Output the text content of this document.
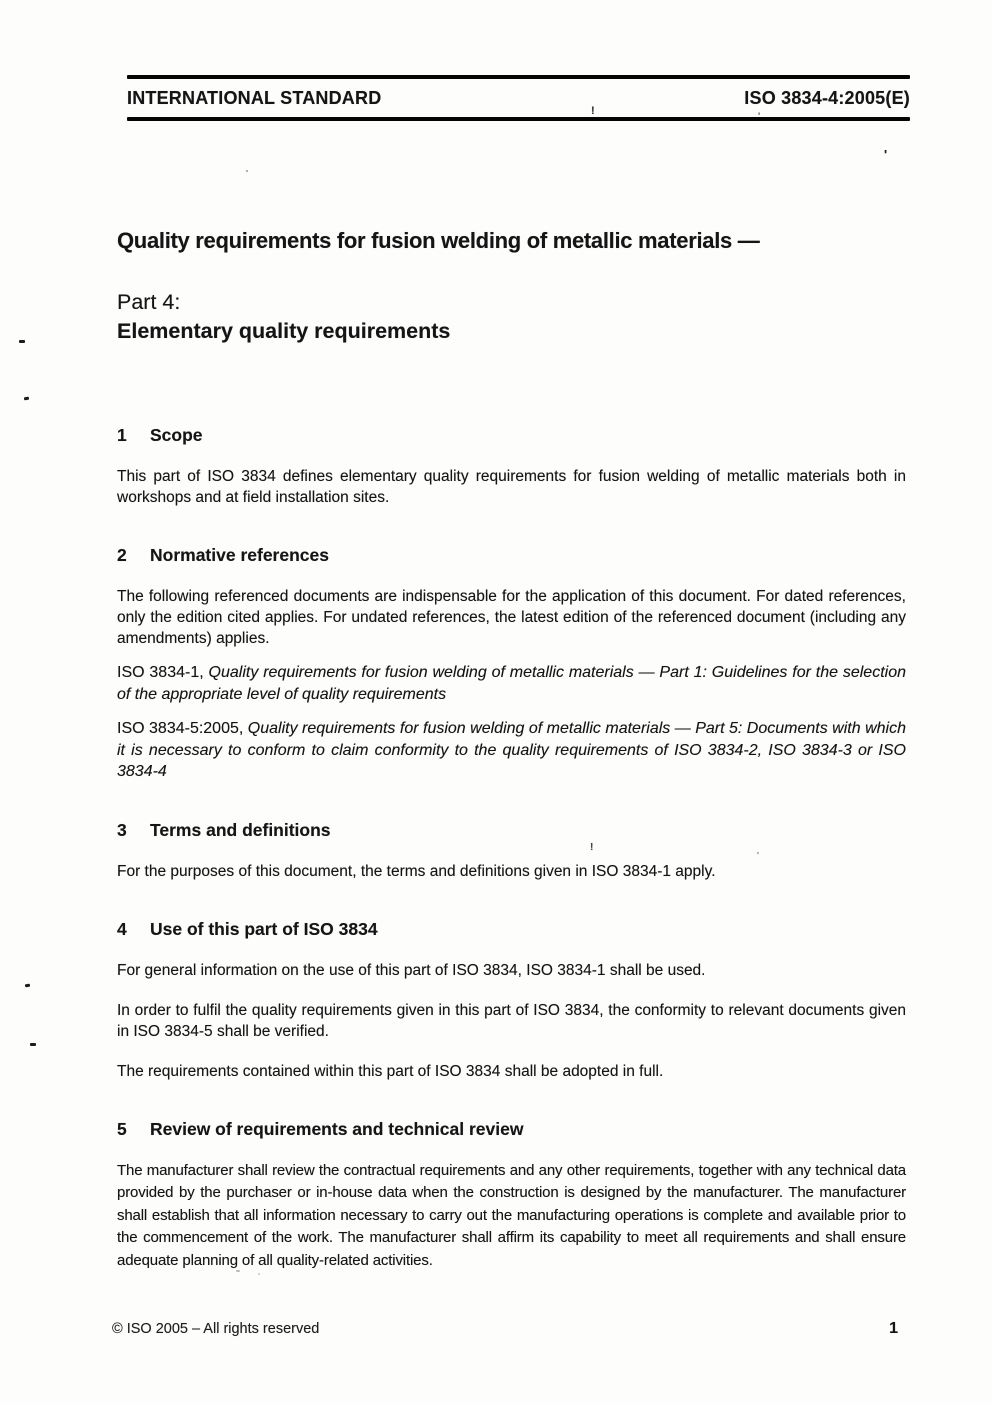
INTERNATIONAL STANDARD	ISO 3834-4:2005(E)
Quality requirements for fusion welding of metallic materials —
Part 4:
Elementary quality requirements
1 Scope

This part of ISO 3834 defines elementary quality requirements for fusion welding of metallic materials both in workshops and at field installation sites.

2 Normative references

The following referenced documents are indispensable for the application of this document. For dated references, only the edition cited applies. For undated references, the latest edition of the referenced document (including any amendments) applies.

ISO 3834-1, Quality requirements for fusion welding of metallic materials — Part 1: Guidelines for the selection of the appropriate level of quality requirements

ISO 3834-5:2005, Quality requirements for fusion welding of metallic materials — Part 5: Documents with which it is necessary to conform to claim conformity to the quality requirements of ISO 3834-2, ISO 3834-3 or ISO 3834-4

3 Terms and definitions

For the purposes of this document, the terms and definitions given in ISO 3834-1 apply.

4 Use of this part of ISO 3834

For general information on the use of this part of ISO 3834, ISO 3834-1 shall be used.

In order to fulfil the quality requirements given in this part of ISO 3834, the conformity to relevant documents given in ISO 3834-5 shall be verified.

The requirements contained within this part of ISO 3834 shall be adopted in full.

5 Review of requirements and technical review

The manufacturer shall review the contractual requirements and any other requirements, together with any technical data provided by the purchaser or in-house data when the construction is designed by the manufacturer. The manufacturer shall establish that all information necessary to carry out the manufacturing operations is complete and available prior to the commencement of the work. The manufacturer shall affirm its capability to meet all requirements and shall ensure adequate planning of all quality-related activities.

© ISO 2005 – All rights reserved	1
!
'
'
!
'
